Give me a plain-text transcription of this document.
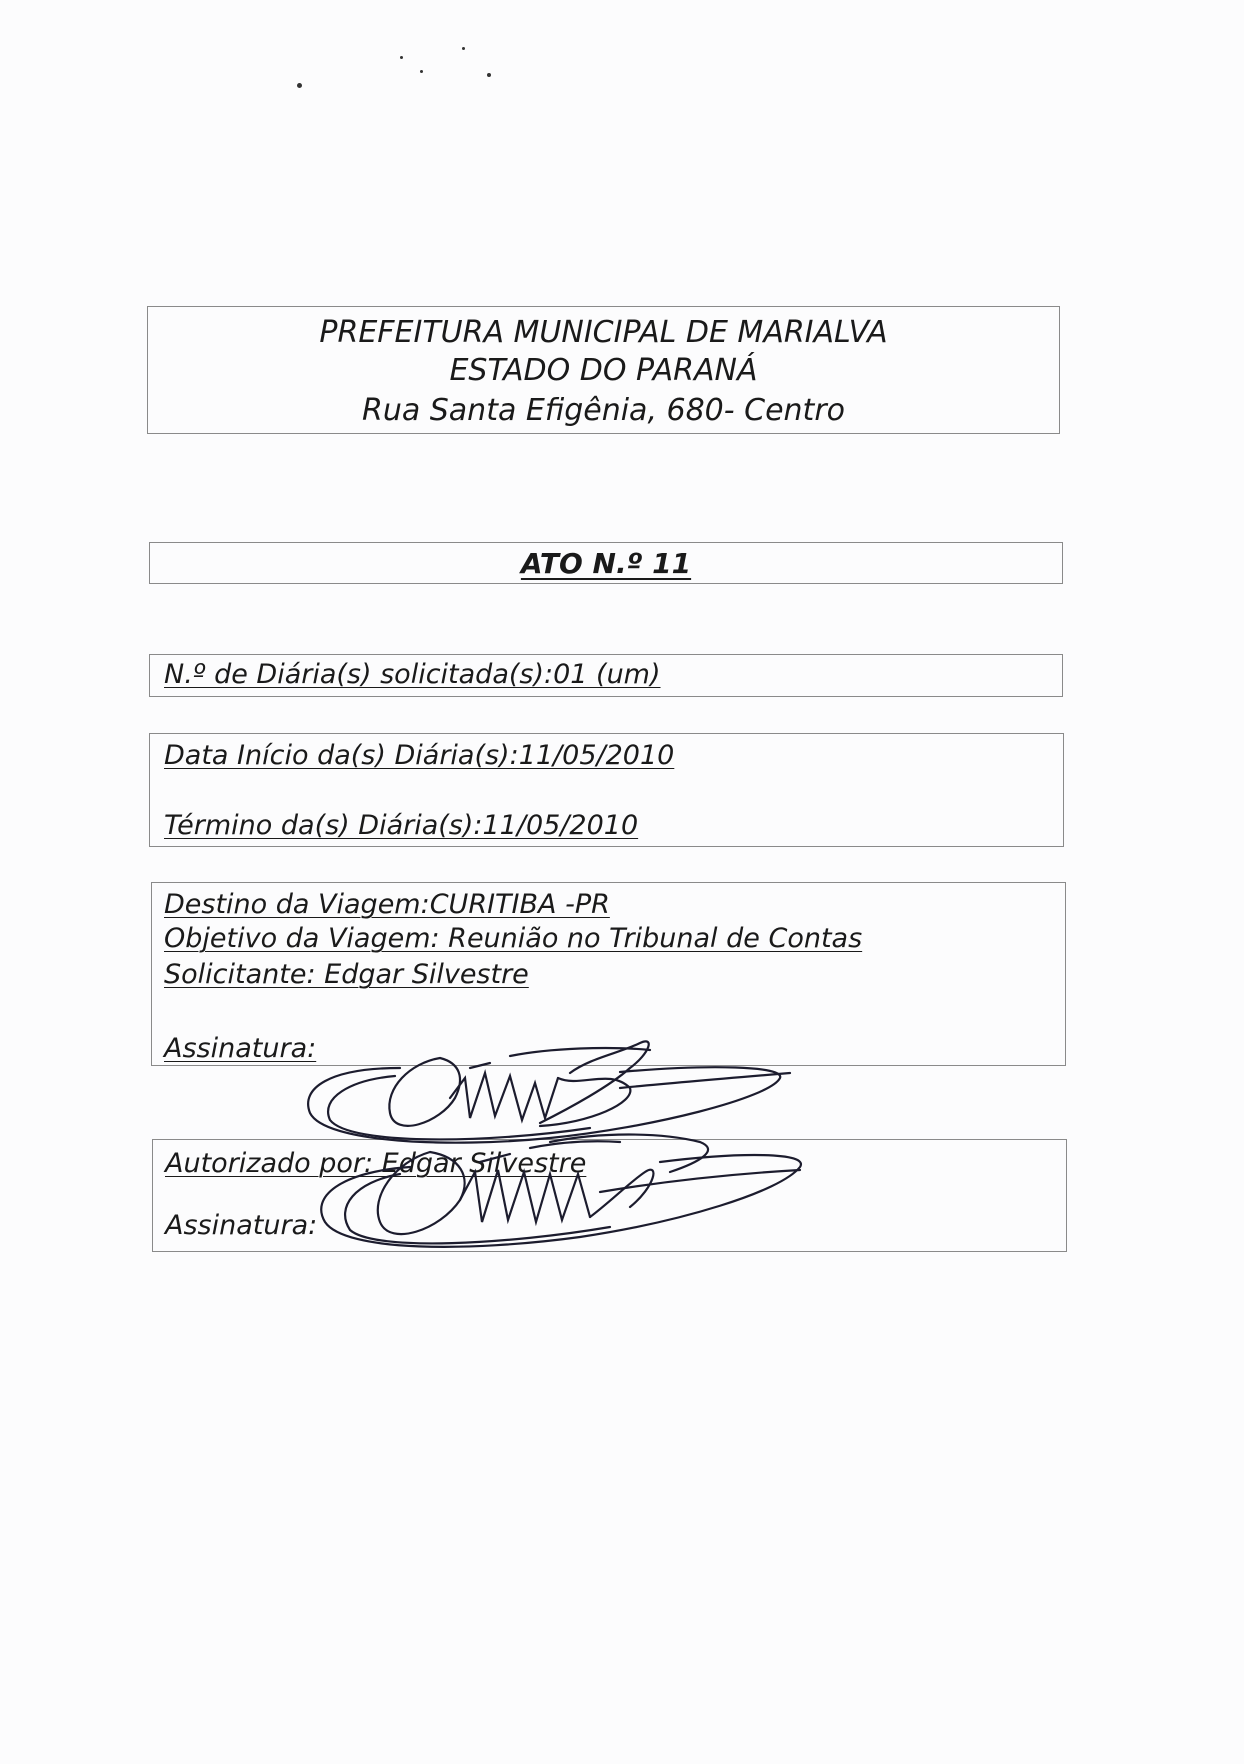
PREFEITURA MUNICIPAL DE MARIALVA
ESTADO DO PARANÁ
Rua Santa Efigênia, 680- Centro
ATO N.º 11
N.º de Diária(s) solicitada(s):01 (um)
Data Início da(s) Diária(s):11/05/2010
Término da(s) Diária(s):11/05/2010
Destino da Viagem:CURITIBA -PR
Objetivo da Viagem: Reunião no Tribunal de Contas
Solicitante: Edgar Silvestre
Assinatura:
Autorizado por: Edgar Silvestre
Assinatura:
